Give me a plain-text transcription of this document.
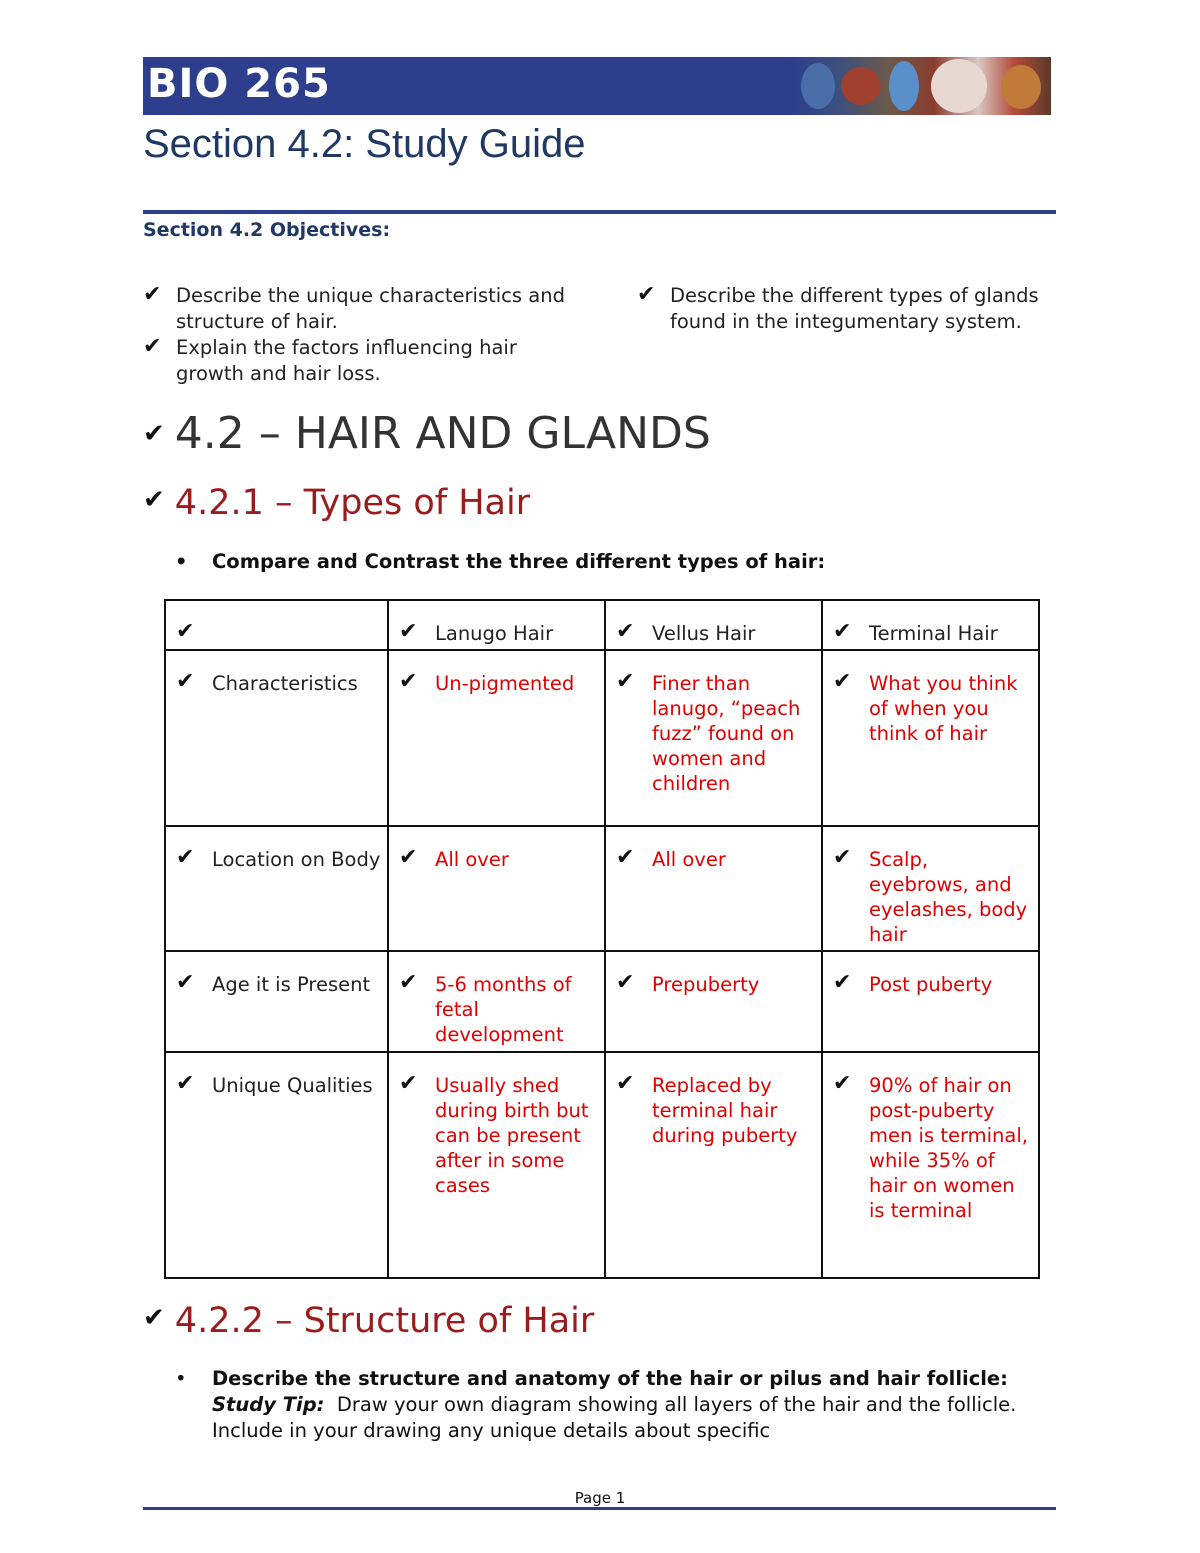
BIO 265
Section 4.2: Study Guide
Section 4.2 Objectives:
✔ Describe the unique characteristics and structure of hair.
✔ Explain the factors influencing hair growth and hair loss.
✔ Describe the different types of glands found in the integumentary system.
✔ 4.2 – HAIR AND GLANDS
✔ 4.2.1 – Types of Hair
• Compare and Contrast the three different types of hair:
✔	✔ Lanugo Hair	✔ Vellus Hair	✔ Terminal Hair

✔ Characteristics	✔ Un-pigmented	✔ Finer than lanugo, “peach fuzz” found on women and children	✔ What you think of when you think of hair

✔ Location on Body	✔ All over	✔ All over	✔ Scalp, eyebrows, and eyelashes, body hair

✔ Age it is Present	✔ 5-6 months of fetal development	✔ Prepuberty	✔ Post puberty

✔ Unique Qualities	✔ Usually shed during birth but can be present after in some cases	✔ Replaced by terminal hair during puberty	✔ 90% of hair on post-puberty men is terminal, while 35% of hair on women is terminal
✔ 4.2.2 – Structure of Hair
• Describe the structure and anatomy of the hair or pilus and hair follicle:  Study Tip: Draw your own diagram showing all layers of the hair and the follicle. Include in your drawing any unique details about specific
Page 1
